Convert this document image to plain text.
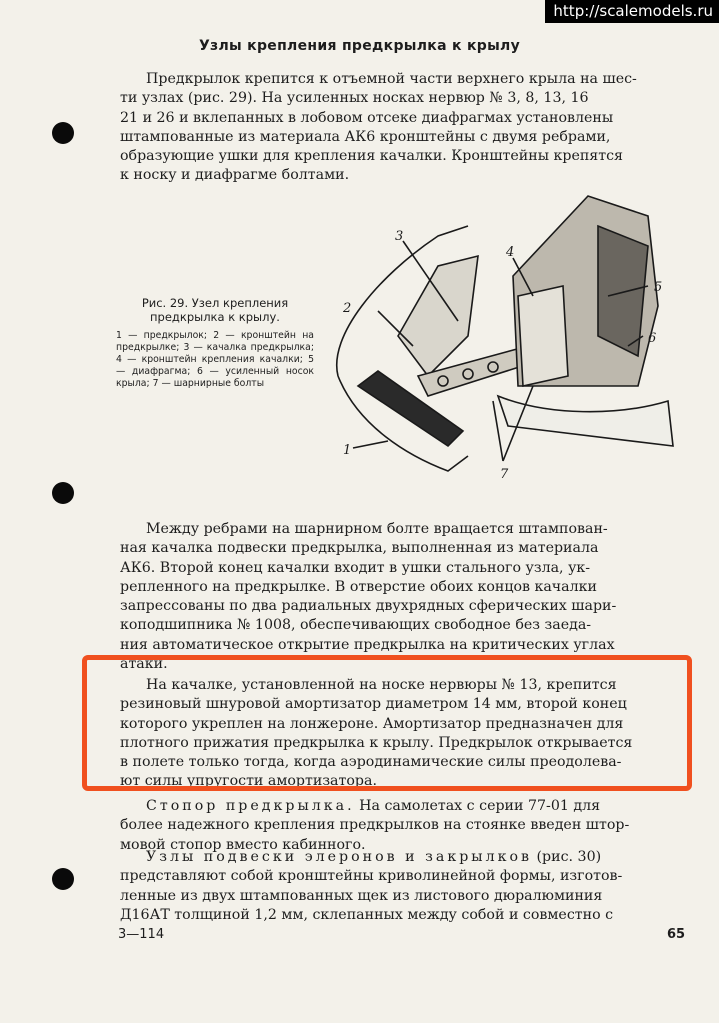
http://scalemodels.ru
Узлы крепления предкрылка к крылу
Предкрылок крепится к отъемной части верхнего крыла на шес-
ти узлах (рис. 29). На усиленных носках нервюр № 3, 8, 13, 16
21 и 26 и вклепанных в лобовом отсеке диафрагмах установлены
штампованные из материала АК6 кронштейны с двумя ребрами,
образующие ушки для крепления качалки. Кронштейны крепятся
к носку и диафрагме болтами.
Рис. 29. Узел крепления предкрылка к крылу.
1 — предкрылок; 2 — кронштейн на предкрылке; 3 — качалка предкрылка; 4 — кронштейн крепления качалки; 5 — диафрагма; 6 — усиленный носок крыла; 7 — шарнирные болты
1
2
3
4
5
6
7
Между ребрами на шарнирном болте вращается штампован-
ная качалка подвески предкрылка, выполненная из материала
АК6. Второй конец качалки входит в ушки стального узла, ук-
репленного на предкрылке. В отверстие обоих концов качалки
запрессованы по два радиальных двухрядных сферических шари-
коподшипника № 1008, обеспечивающих свободное без заеда-
ния автоматическое открытие предкрылка на критических углах
атаки.
На качалке, установленной на носке нервюры № 13, крепится
резиновый шнуровой амортизатор диаметром 14 мм, второй конец
которого укреплен на лонжероне. Амортизатор предназначен для
плотного прижатия предкрылка к крылу. Предкрылок открывается
в полете только тогда, когда аэродинамические силы преодолева-
ют силы упругости амортизатора.
Стопор предкрылка. На самолетах с серии 77-01 для
более надежного крепления предкрылков на стоянке введен штор-
мовой стопор вместо кабинного.
Узлы подвески элеронов и закрылков (рис. 30)
представляют собой кронштейны криволинейной формы, изготов-
ленные из двух штампованных щек из листового дюралюминия
Д16АТ толщиной 1,2 мм, склепанных между собой и совместно с
3—114	65
